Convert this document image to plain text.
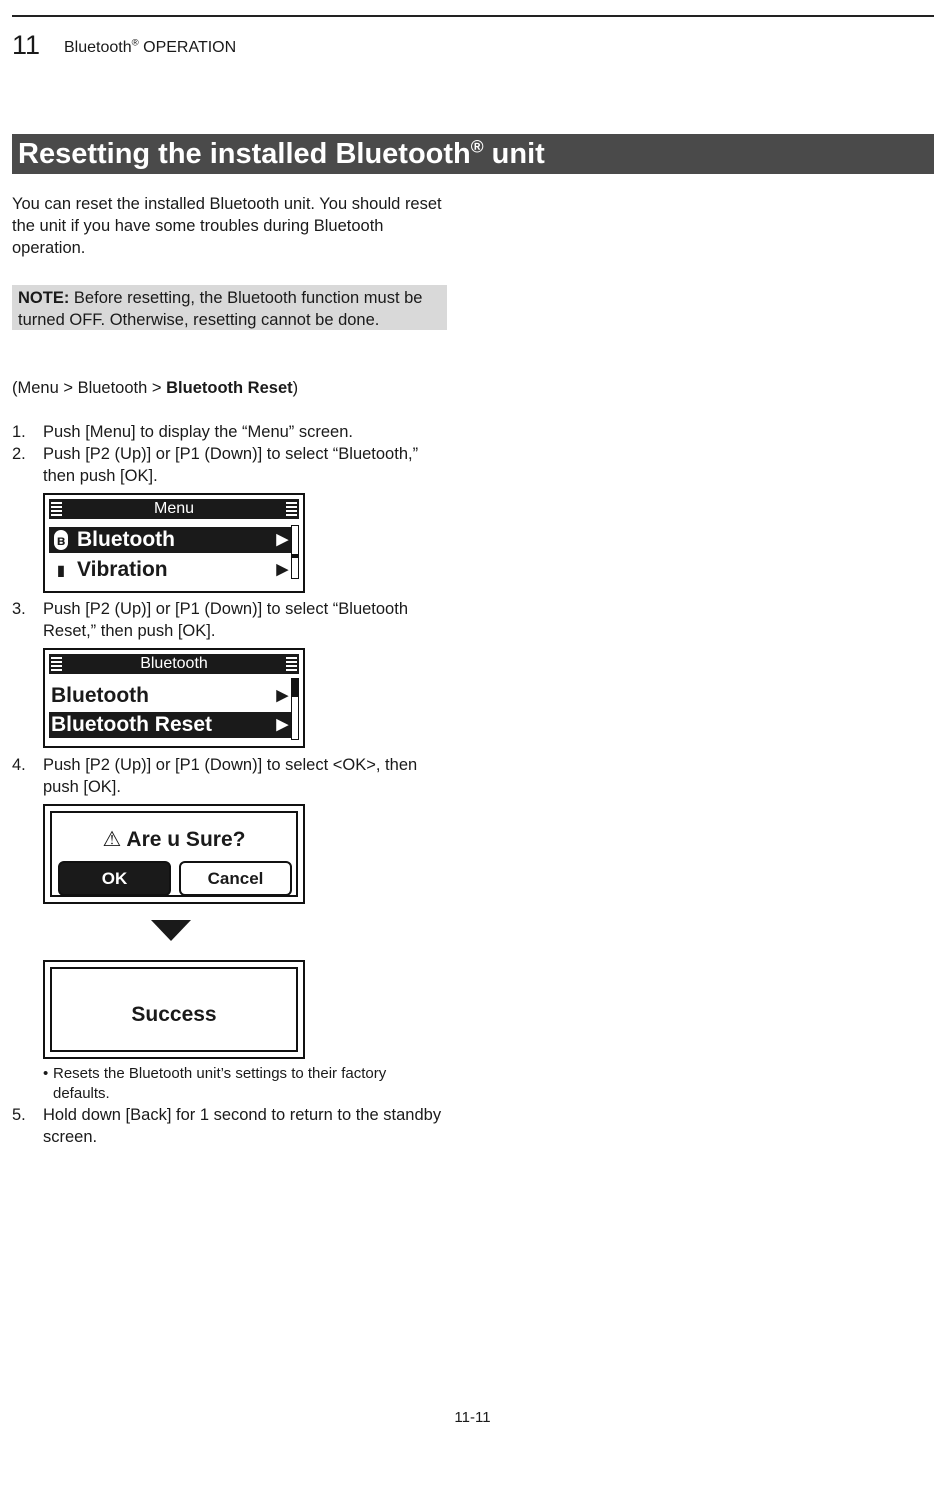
11 Bluetooth® OPERATION
Resetting the installed Bluetooth® unit
You can reset the installed Bluetooth unit. You should reset the unit if you have some troubles during Bluetooth operation.
NOTE: Before resetting, the Bluetooth function must be turned OFF. Otherwise, resetting cannot be done.
(Menu > Bluetooth > Bluetooth Reset)
1. Push [Menu] to display the “Menu” screen.
2. Push [P2 (Up)] or [P1 (Down)] to select “Bluetooth,” then push [OK].
Menu
ʙ Bluetooth	▶
▮ Vibration	▶
3. Push [P2 (Up)] or [P1 (Down)] to select “Bluetooth Reset,” then push [OK].
Bluetooth
Bluetooth	▶
Bluetooth Reset	▶
4. Push [P2 (Up)] or [P1 (Down)] to select <OK>, then push [OK].
⚠ Are u Sure?
OK	Cancel
Success
• Resets the Bluetooth unit’s settings to their factory defaults.
5. Hold down [Back] for 1 second to return to the standby screen.
11-11
